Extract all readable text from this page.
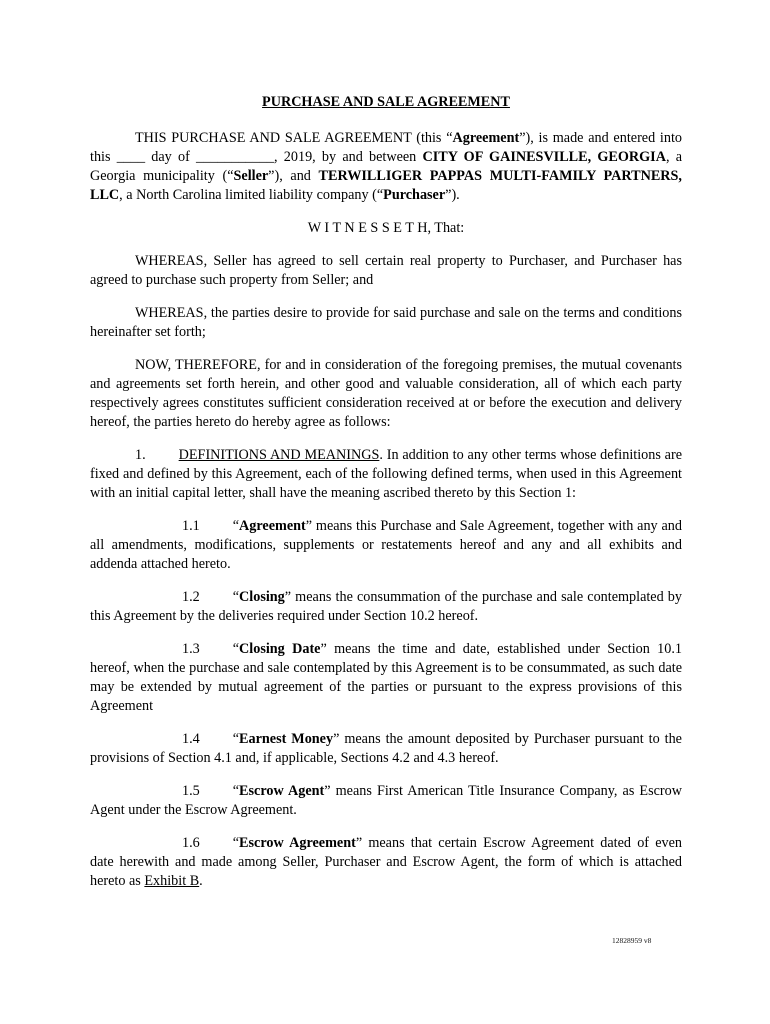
PURCHASE AND SALE AGREEMENT

THIS PURCHASE AND SALE AGREEMENT (this “Agreement”), is made and entered into this ____ day of ___________, 2019, by and between CITY OF GAINESVILLE, GEORGIA, a Georgia municipality (“Seller”), and TERWILLIGER PAPPAS MULTI-FAMILY PARTNERS, LLC, a North Carolina limited liability company (“Purchaser”).

W I T N E S S E T H, That:

WHEREAS, Seller has agreed to sell certain real property to Purchaser, and Purchaser has agreed to purchase such property from Seller; and

WHEREAS, the parties desire to provide for said purchase and sale on the terms and conditions hereinafter set forth;

NOW, THEREFORE, for and in consideration of the foregoing premises, the mutual covenants and agreements set forth herein, and other good and valuable consideration, all of which each party respectively agrees constitutes sufficient consideration received at or before the execution and delivery hereof, the parties hereto do hereby agree as follows:

1. DEFINITIONS AND MEANINGS. In addition to any other terms whose definitions are fixed and defined by this Agreement, each of the following defined terms, when used in this Agreement with an initial capital letter, shall have the meaning ascribed thereto by this Section 1:

1.1 “Agreement” means this Purchase and Sale Agreement, together with any and all amendments, modifications, supplements or restatements hereof and any and all exhibits and addenda attached hereto.

1.2 “Closing” means the consummation of the purchase and sale contemplated by this Agreement by the deliveries required under Section 10.2 hereof.

1.3 “Closing Date” means the time and date, established under Section 10.1 hereof, when the purchase and sale contemplated by this Agreement is to be consummated, as such date may be extended by mutual agreement of the parties or pursuant to the express provisions of this Agreement

1.4 “Earnest Money” means the amount deposited by Purchaser pursuant to the provisions of Section 4.1 and, if applicable, Sections 4.2 and 4.3 hereof.

1.5 “Escrow Agent” means First American Title Insurance Company, as Escrow Agent under the Escrow Agreement.

1.6 “Escrow Agreement” means that certain Escrow Agreement dated of even date herewith and made among Seller, Purchaser and Escrow Agent, the form of which is attached hereto as Exhibit B.

12828959 v8
